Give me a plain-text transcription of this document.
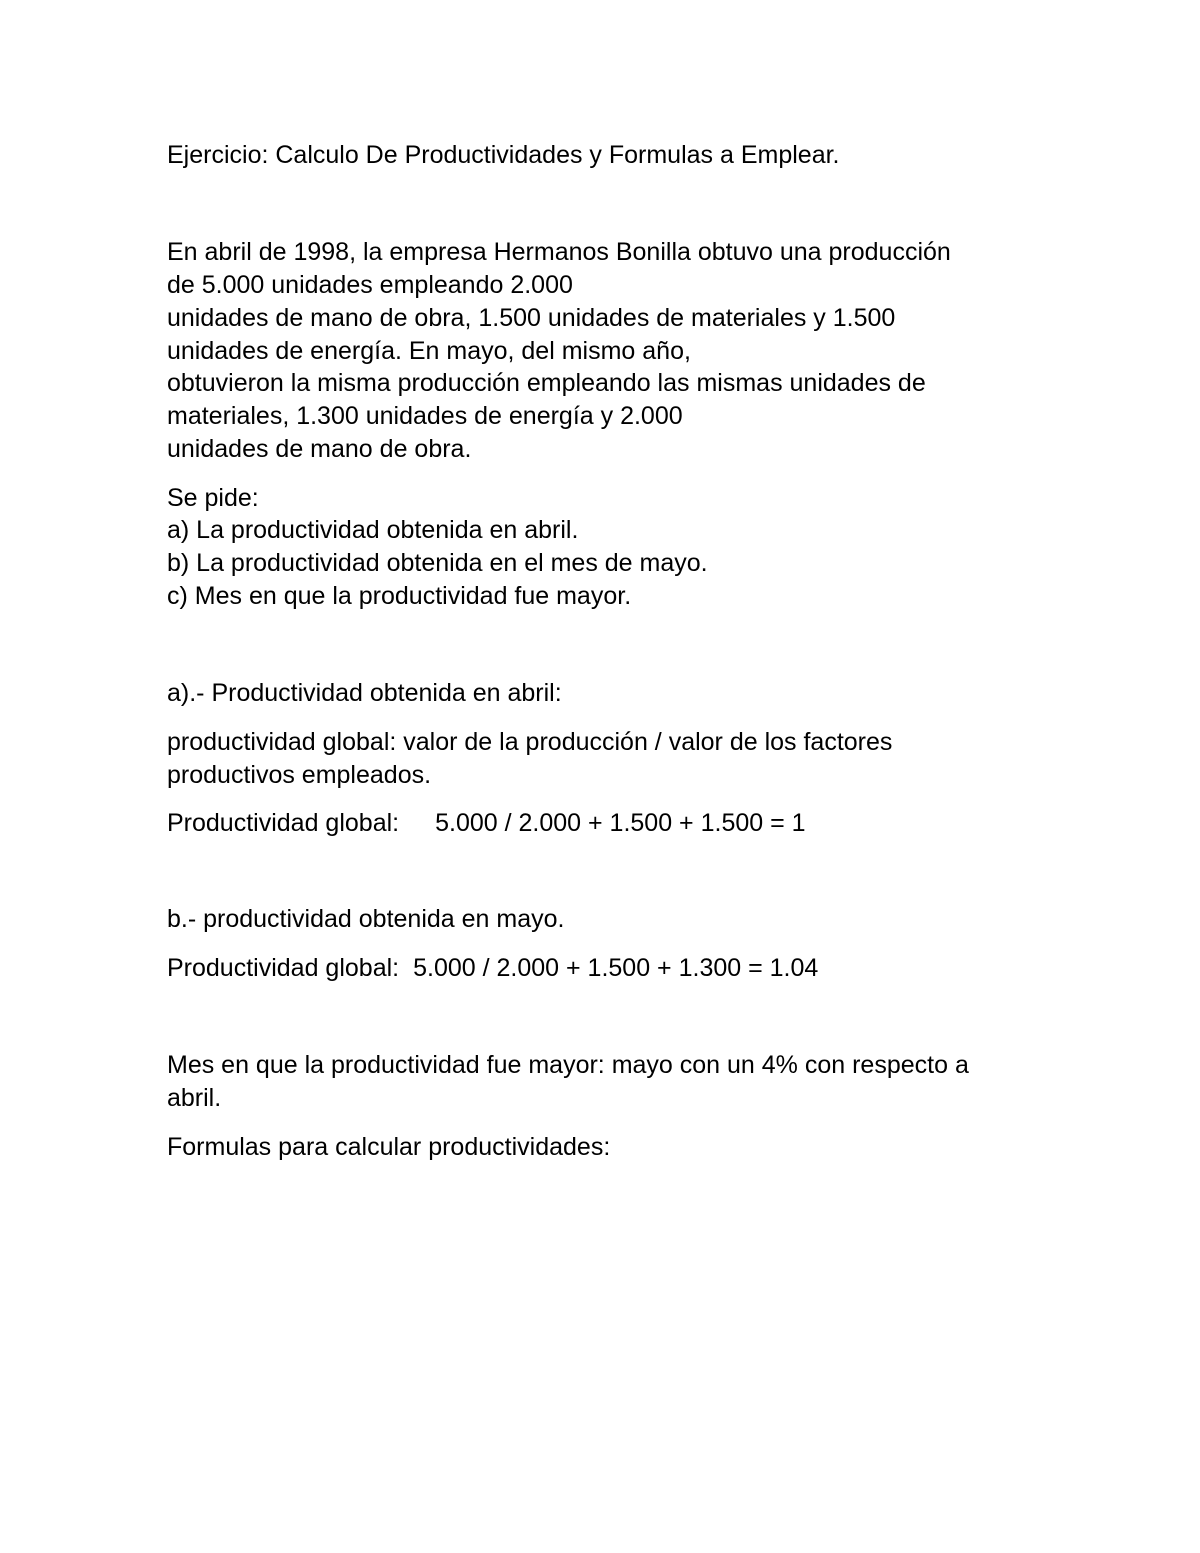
Ejercicio: Calculo De Productividades y Formulas a Emplear.
En abril de 1998, la empresa Hermanos Bonilla obtuvo una producción
de 5.000 unidades empleando 2.000
unidades de mano de obra, 1.500 unidades de materiales y 1.500
unidades de energía. En mayo, del mismo año,
obtuvieron la misma producción empleando las mismas unidades de
materiales, 1.300 unidades de energía y 2.000
unidades de mano de obra.
Se pide:
a) La productividad obtenida en abril.
b) La productividad obtenida en el mes de mayo.
c) Mes en que la productividad fue mayor.
a).- Productividad obtenida en abril:
productividad global: valor de la producción / valor de los factores
productivos empleados.
Productividad global: 5.000 / 2.000 + 1.500 + 1.500 = 1
b.- productividad obtenida en mayo.
Productividad global: 5.000 / 2.000 + 1.500 + 1.300 = 1.04
Mes en que la productividad fue mayor: mayo con un 4% con respecto a
abril.
Formulas para calcular productividades:
